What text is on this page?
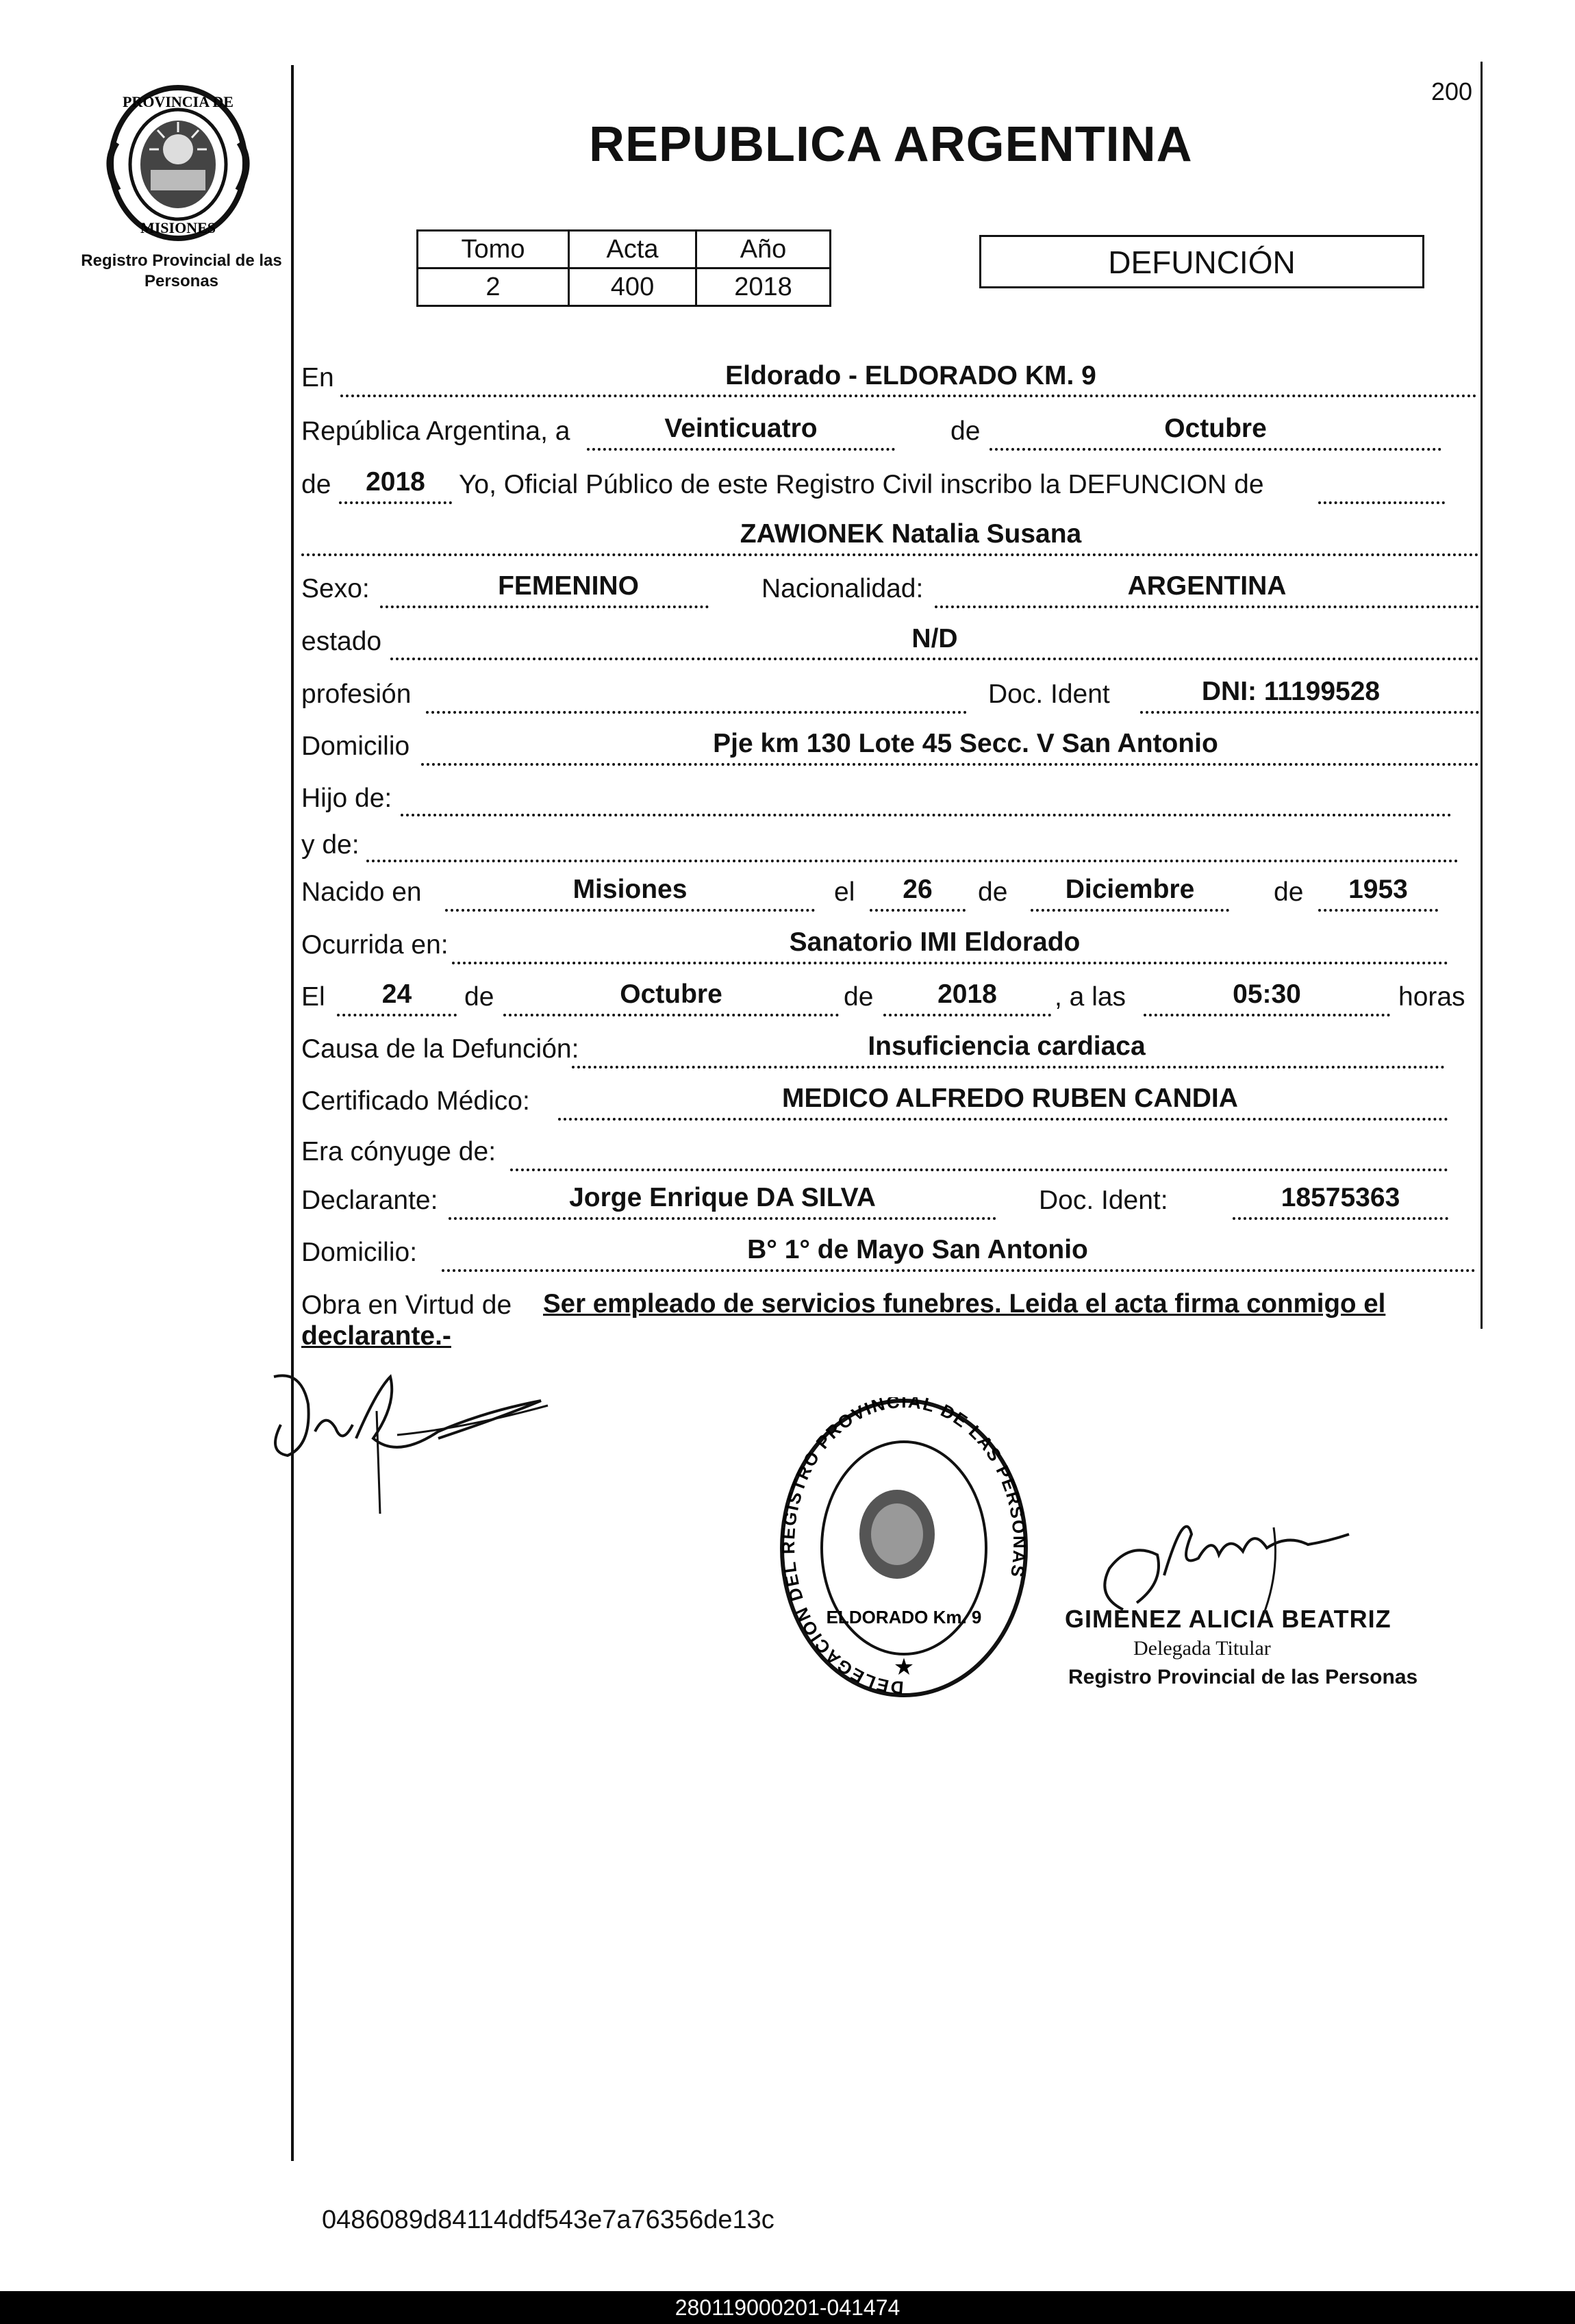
PROVINCIA DE
MISIONES
Registro Provincial de las Personas
200
REPUBLICA ARGENTINA
Tomo	Acta	Año
2	400	2018
DEFUNCIÓN
En	Eldorado - ELDORADO KM. 9
República Argentina, a	Veinticuatro	de	Octubre
de	2018	Yo, Oficial Público de este Registro Civil inscribo la DEFUNCION de
ZAWIONEK Natalia Susana
Sexo:	FEMENINO	Nacionalidad:	ARGENTINA
estado	N/D
profesión	Doc. Ident	DNI: 11199528
Domicilio	Pje km 130 Lote 45 Secc. V San Antonio
Hijo de:
y de:
Nacido en	Misiones	el	26	de	Diciembre	de	1953
Ocurrida en:	Sanatorio IMI Eldorado
El	24	de	Octubre	de	2018	, a las	05:30	horas
Causa de la Defunción:	Insuficiencia cardiaca
Certificado Médico:	MEDICO ALFREDO RUBEN CANDIA
Era cónyuge de:
Declarante:	Jorge Enrique DA SILVA	Doc. Ident:	18575363
Domicilio:	B° 1° de Mayo San Antonio
Obra en Virtud de Ser empleado de servicios funebres. Leida el acta firma conmigo el
declarante.-
DELEGACION DEL REGISTRO PROVINCIAL DE LAS PERSONAS
ELDORADO Km. 9
★
GIMENEZ ALICIA BEATRIZ
Delegada Titular
Registro Provincial de las Personas
0486089d84114ddf543e7a76356de13c
280119000201-041474
